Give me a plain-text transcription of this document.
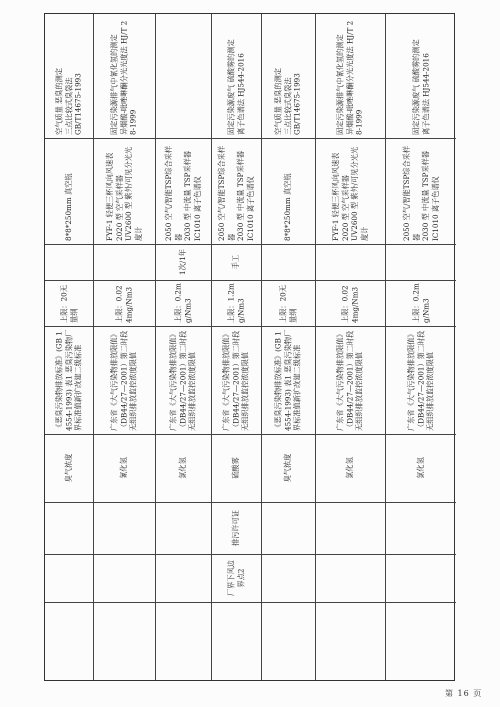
臭气浓度
《恶臭污染物排放标准》(GB 14554-1993) 表1 恶臭污染物厂界标准值新扩改建二级标准
上限：20无量纲
8*8*250mm 真空瓶
空气质量 恶臭的测定
三点比较式臭袋法
GB/T14675-1993
氰化氢
广东省《大气污染物排放限值》（DB44/27—2001）第二时段无组织排放监控浓度限值
上限：0.024mg/Nm3
FYF-1 轻便三杯风向风速表
2020 型 空气采样器
UV2600 型 紫外/可见分光光度计
固定污染源排气中氰化氢的测定
异烟酸-吡唑啉酮分光光度法 HJ/T 28-1999
氯化氢
广东省《大气污染物排放限值》（DB44/27—2001）第二时段无组织排放监控浓度限值
上限：0.2mg/Nm3
1次/1年
2050 空气/智能TSP综合采样器
2030 型 中流量 TSP采样器
IC1010 离子色谱仪
厂界下风边界点2
排污许可证
硫酸雾
广东省《大气污染物排放限值》（DB44/27—2001）第二时段无组织排放监控浓度限值
上限：1.2mg/Nm3
手工
2050 空气/智能TSP综合采样器
2030 型 中流量 TSP采样器
IC1010 离子色谱仪
固定污染源废气 硫酸雾的测定
离子色谱法 HJ544-2016
臭气浓度
《恶臭污染物排放标准》(GB 14554-1993) 表1 恶臭污染物厂界标准值新扩改建二级标准
上限：20无量纲
8*8*250mm 真空瓶
空气质量 恶臭的测定
三点比较式臭袋法
GB/T14675-1993
氯化氢
广东省《大气污染物排放限值》（DB44/27—2001）第二时段无组织排放监控浓度限值
上限：0.024mg/Nm3
FYF-1 轻便三杯风向风速表
2020 型 空气采样器
UV2600 型 紫外/可见分光光度计
固定污染源排气中氰化氢的测定
异烟酸-吡唑啉酮分光光度法 HJ/T 28-1999
氯化氢
广东省《大气污染物排放限值》（DB44/27—2001）第二时段无组织排放监控浓度限值
上限：0.2mg/Nm3
2050 空气/智能TSP综合采样器
2030 型 中流量 TSP采样器
IC1010 离子色谱仪
固定污染源废气 硫酸雾的测定
离子色谱法 HJ544-2016
第 16 页
